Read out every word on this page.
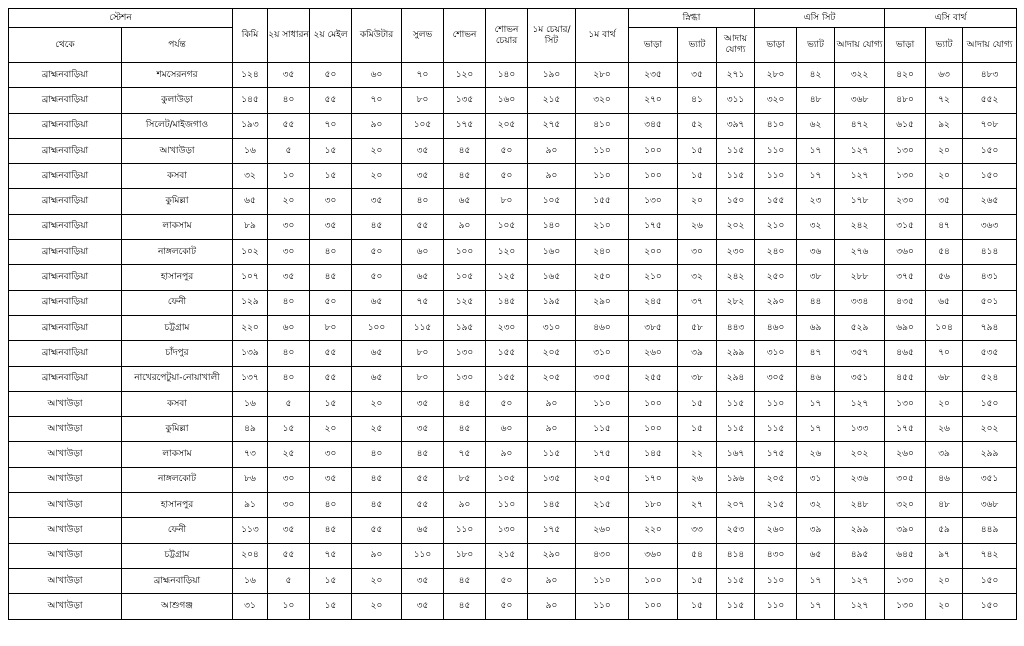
স্টেশন		কিমি	২য় সাধারন	২য় মেইল	কমিউটার	সুলভ	শোভন	শোভন চেয়ার	১ম চেয়ার/ সিট	১ম বার্থ	স্নিগ্ধা			এসি সিট			এসি বার্থ		
থেকে	পর্যন্ত										ভাড়া	ভ্যাট	আদায় যোগ্য	ভাড়া	ভ্যাট	আদায় যোগ্য	ভাড়া	ভ্যাট	আদায় যোগ্য
ব্রাহ্মনবাড়িয়া	শমসেরনগর	১২৪	৩৫	৫০	৬০	৭০	১২০	১৪০	১৯০	২৮০	২৩৫	৩৫	২৭১	২৮০	৪২	৩২২	৪২০	৬৩	৪৮৩
ব্রাহ্মনবাড়িয়া	কুলাউড়া	১৪৫	৪০	৫৫	৭০	৮০	১৩৫	১৬০	২১৫	৩২০	২৭০	৪১	৩১১	৩২০	৪৮	৩৬৮	৪৮০	৭২	৫৫২
ব্রাহ্মনবাড়িয়া	সিলেট/মাইজগাও	১৯৩	৫৫	৭০	৯০	১০৫	১৭৫	২০৫	২৭৫	৪১০	৩৪৫	৫২	৩৯৭	৪১০	৬২	৪৭২	৬১৫	৯২	৭০৮
ব্রাহ্মনবাড়িয়া	আখাউড়া	১৬	৫	১৫	২০	৩৫	৪৫	৫০	৯০	১১০	১০০	১৫	১১৫	১১০	১৭	১২৭	১৩০	২০	১৫০
ব্রাহ্মনবাড়িয়া	কসবা	৩২	১০	১৫	২০	৩৫	৪৫	৫০	৯০	১১০	১০০	১৫	১১৫	১১০	১৭	১২৭	১৩০	২০	১৫০
ব্রাহ্মনবাড়িয়া	কুমিল্লা	৬৫	২০	৩০	৩৫	৪০	৬৫	৮০	১০৫	১৫৫	১৩০	২০	১৫০	১৫৫	২৩	১৭৮	২৩০	৩৫	২৬৫
ব্রাহ্মনবাড়িয়া	লাকসাম	৮৯	৩০	৩৫	৪৫	৫৫	৯০	১০৫	১৪০	২১০	১৭৫	২৬	২০২	২১০	৩২	২৪২	৩১৫	৪৭	৩৬৩
ব্রাহ্মনবাড়িয়া	নাঙ্গলকোট	১০২	৩০	৪০	৫০	৬০	১০০	১২০	১৬০	২৪০	২০০	৩০	২৩০	২৪০	৩৬	২৭৬	৩৬০	৫৪	৪১৪
ব্রাহ্মনবাড়িয়া	হাসানপুর	১০৭	৩৫	৪৫	৫০	৬৫	১০৫	১২৫	১৬৫	২৫০	২১০	৩২	২৪২	২৫০	৩৮	২৮৮	৩৭৫	৫৬	৪৩১
ব্রাহ্মনবাড়িয়া	ফেনী	১২৯	৪০	৫০	৬৫	৭৫	১২৫	১৪৫	১৯৫	২৯০	২৪৫	৩৭	২৮২	২৯০	৪৪	৩৩৪	৪৩৫	৬৫	৫০১
ব্রাহ্মনবাড়িয়া	চট্টগ্রাম	২২০	৬০	৮০	১০০	১১৫	১৯৫	২৩০	৩১০	৪৬০	৩৮৫	৫৮	৪৪৩	৪৬০	৬৯	৫২৯	৬৯০	১০৪	৭৯৪
ব্রাহ্মনবাড়িয়া	চাঁদপুর	১৩৯	৪০	৫৫	৬৫	৮০	১৩০	১৫৫	২০৫	৩১০	২৬০	৩৯	২৯৯	৩১০	৪৭	৩৫৭	৪৬৫	৭০	৫৩৫
ব্রাহ্মনবাড়িয়া	নাখেরপেটুয়া-নোয়াখালী	১৩৭	৪০	৫৫	৬৫	৮০	১৩০	১৫৫	২০৫	৩০৫	২৫৫	৩৮	২৯৪	৩০৫	৪৬	৩৫১	৪৫৫	৬৮	৫২৪
আখাউড়া	কসবা	১৬	৫	১৫	২০	৩৫	৪৫	৫০	৯০	১১০	১০০	১৫	১১৫	১১০	১৭	১২৭	১৩০	২০	১৫০
আখাউড়া	কুমিল্লা	৪৯	১৫	২০	২৫	৩৫	৪৫	৬০	৯০	১১৫	১০০	১৫	১১৫	১১৫	১৭	১৩৩	১৭৫	২৬	২০২
আখাউড়া	লাকসাম	৭৩	২৫	৩০	৪০	৪৫	৭৫	৯০	১১৫	১৭৫	১৪৫	২২	১৬৭	১৭৫	২৬	২০২	২৬০	৩৯	২৯৯
আখাউড়া	নাঙ্গলকোট	৮৬	৩০	৩৫	৪৫	৫৫	৮৫	১০৫	১৩৫	২০৫	১৭০	২৬	১৯৬	২০৫	৩১	২৩৬	৩০৫	৪৬	৩৫১
আখাউড়া	হাসানপুর	৯১	৩০	৪০	৪৫	৫৫	৯০	১১০	১৪৫	২১৫	১৮০	২৭	২০৭	২১৫	৩২	২৪৮	৩২০	৪৮	৩৬৮
আখাউড়া	ফেনী	১১৩	৩৫	৪৫	৫৫	৬৫	১১০	১৩০	১৭৫	২৬০	২২০	৩৩	২৫৩	২৬০	৩৯	২৯৯	৩৯০	৫৯	৪৪৯
আখাউড়া	চট্টগ্রাম	২০৪	৫৫	৭৫	৯০	১১০	১৮০	২১৫	২৯০	৪৩০	৩৬০	৫৪	৪১৪	৪৩০	৬৫	৪৯৫	৬৪৫	৯৭	৭৪২
আখাউড়া	ব্রাহ্মনবাড়িয়া	১৬	৫	১৫	২০	৩৫	৪৫	৫০	৯০	১১০	১০০	১৫	১১৫	১১০	১৭	১২৭	১৩০	২০	১৫০
আখাউড়া	আশুগঞ্জ	৩১	১০	১৫	২০	৩৫	৪৫	৫০	৯০	১১০	১০০	১৫	১১৫	১১০	১৭	১২৭	১৩০	২০	১৫০
